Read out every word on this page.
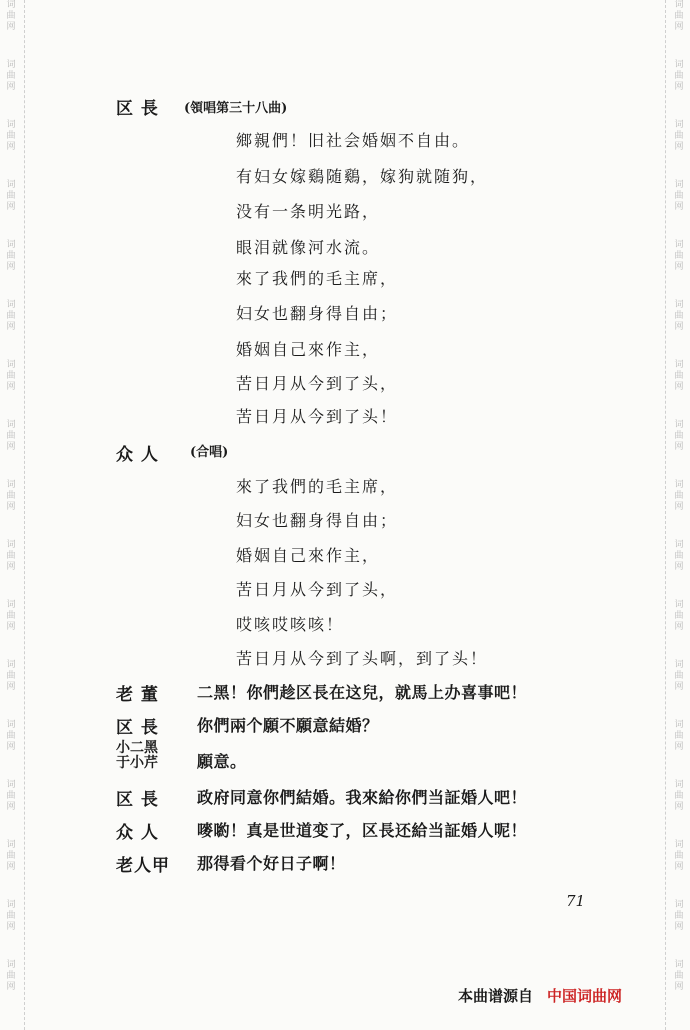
词
曲
网
词
曲
网
词
曲
网
词
曲
网
词
曲
网
词
曲
网
词
曲
网
词
曲
网
词
曲
网
词
曲
网
词
曲
网
词
曲
网
词
曲
网
词
曲
网
词
曲
网
词
曲
网
词
曲
网
词
曲
网
词
曲
网
词
曲
网
词
曲
网
词
曲
网
词
曲
网
词
曲
网
词
曲
网
词
曲
网
词
曲
网
词
曲
网
词
曲
网
词
曲
网
词
曲
网
词
曲
网
词
曲
网
词
曲
网
区 長 (領唱第三十八曲)
鄉親們！旧社会婚姻不自由。
有妇女嫁鷄随鷄，嫁狗就随狗，
没有一条明光路，
眼泪就像河水流。
來了我們的毛主席，
妇女也翻身得自由；
婚姻自己來作主，
苦日月从今到了头，
苦日月从今到了头！
众 人 (合唱)
來了我們的毛主席，
妇女也翻身得自由；
婚姻自己來作主，
苦日月从今到了头，
哎咳哎咳咳！
苦日月从今到了头啊，到了头！
老 董 二黑！你們趁区長在这兒，就馬上办喜事吧！
区 長 你們兩个願不願意結婚？
小二黑
于小芹 願意。
区 長 政府同意你們結婚。我來給你們当証婚人吧！
众 人 嘜喲！真是世道变了，区長还給当証婚人呢！
老人甲 那得看个好日子啊！
71
本曲谱源自 中国词曲网
